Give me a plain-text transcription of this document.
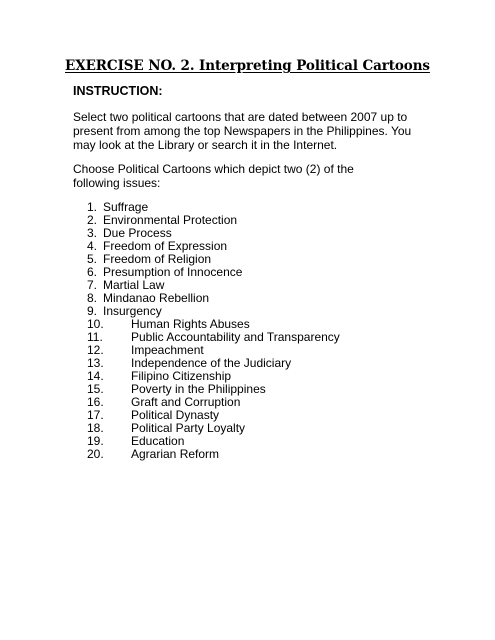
EXERCISE NO. 2. Interpreting Political Cartoons
INSTRUCTION:
Select two political cartoons that are dated between 2007 up to present from among the top Newspapers in the Philippines. You may look at the Library or search it in the Internet.
Choose Political Cartoons which depict two (2) of the following issues:
1. Suffrage
2. Environmental Protection
3. Due Process
4. Freedom of Expression
5. Freedom of Religion
6. Presumption of Innocence
7. Martial Law
8. Mindanao Rebellion
9. Insurgency
10. Human Rights Abuses
11. Public Accountability and Transparency
12. Impeachment
13. Independence of the Judiciary
14. Filipino Citizenship
15. Poverty in the Philippines
16. Graft and Corruption
17. Political Dynasty
18. Political Party Loyalty
19. Education
20. Agrarian Reform
